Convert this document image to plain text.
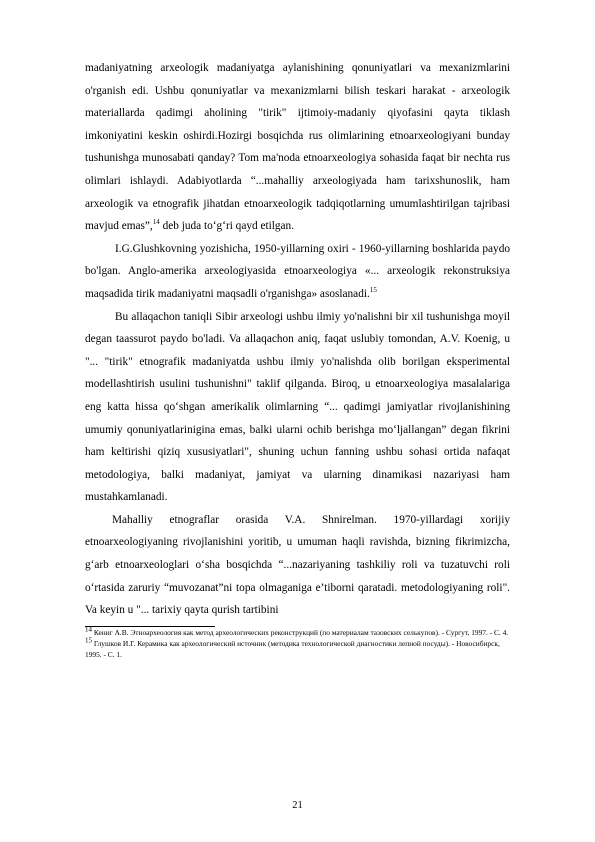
madaniyatning arxeologik madaniyatga aylanishining qonuniyatlari va mexanizmlarini o'rganish edi. Ushbu qonuniyatlar va mexanizmlarni bilish teskari harakat - arxeologik materiallarda qadimgi aholining "tirik" ijtimoiy-madaniy qiyofasini qayta tiklash imkoniyatini keskin oshirdi.Hozirgi bosqichda rus olimlarining etnoarxeologiyani bunday tushunishga munosabati qanday? Tom ma'noda etnoarxeologiya sohasida faqat bir nechta rus olimlari ishlaydi. Adabiyotlarda “...mahalliy arxeologiyada ham tarixshunoslik, ham arxeologik va etnografik jihatdan etnoarxeologik tadqiqotlarning umumlashtirilgan tajribasi mavjud emas”,$^{14}$ deb juda to‘g‘ri qayd etilgan.

I.G.Glushkovning yozishicha, 1950-yillarning oxiri - 1960-yillarning boshlarida paydo bo'lgan. Anglo-amerika arxeologiyasida etnoarxeologiya «... arxeologik rekonstruksiya maqsadida tirik madaniyatni maqsadli o'rganishga» asoslanadi.$^{15}$

Bu allaqachon taniqli Sibir arxeologi ushbu ilmiy yo'nalishni bir xil tushunishga moyil degan taassurot paydo bo'ladi. Va allaqachon aniq, faqat uslubiy tomondan, A.V. Koenig, u "... "tirik" etnografik madaniyatda ushbu ilmiy yo'nalishda olib borilgan eksperimental modellashtirish usulini tushunishni" taklif qilganda. Biroq, u etnoarxeologiya masalalariga eng katta hissa qo‘shgan amerikalik olimlarning “... qadimgi jamiyatlar rivojlanishining umumiy qonuniyatlarinigina emas, balki ularni ochib berishga mo‘ljallangan” degan fikrini ham keltirishi qiziq xususiyatlari", shuning uchun fanning ushbu sohasi ortida nafaqat metodologiya, balki madaniyat, jamiyat va ularning dinamikasi nazariyasi ham mustahkamlanadi.

Mahalliy etnograflar orasida V.A. Shnirelman. 1970-yillardagi xorijiy etnoarxeologiyaning rivojlanishini yoritib, u umuman haqli ravishda, bizning fikrimizcha, g‘arb etnoarxeologlari o‘sha bosqichda “...nazariyaning tashkiliy roli va tuzatuvchi roli o‘rtasida zaruriy “muvozanat”ni topa olmaganiga e’tiborni qaratadi. metodologiyaning roli". Va keyin u "... tarixiy qayta qurish tartibini

$^{14}$ Кениг А.В. Этноархеология как метод археологических реконструкций (по материалам тазовских селькупов). - Сургут, 1997. - С. 4.

$^{15}$ Глушков И.Г. Керамика как археологический источник (методика технологической диагностики лепной посуды). - Новосибирск, 1995. - С. 1.

21
